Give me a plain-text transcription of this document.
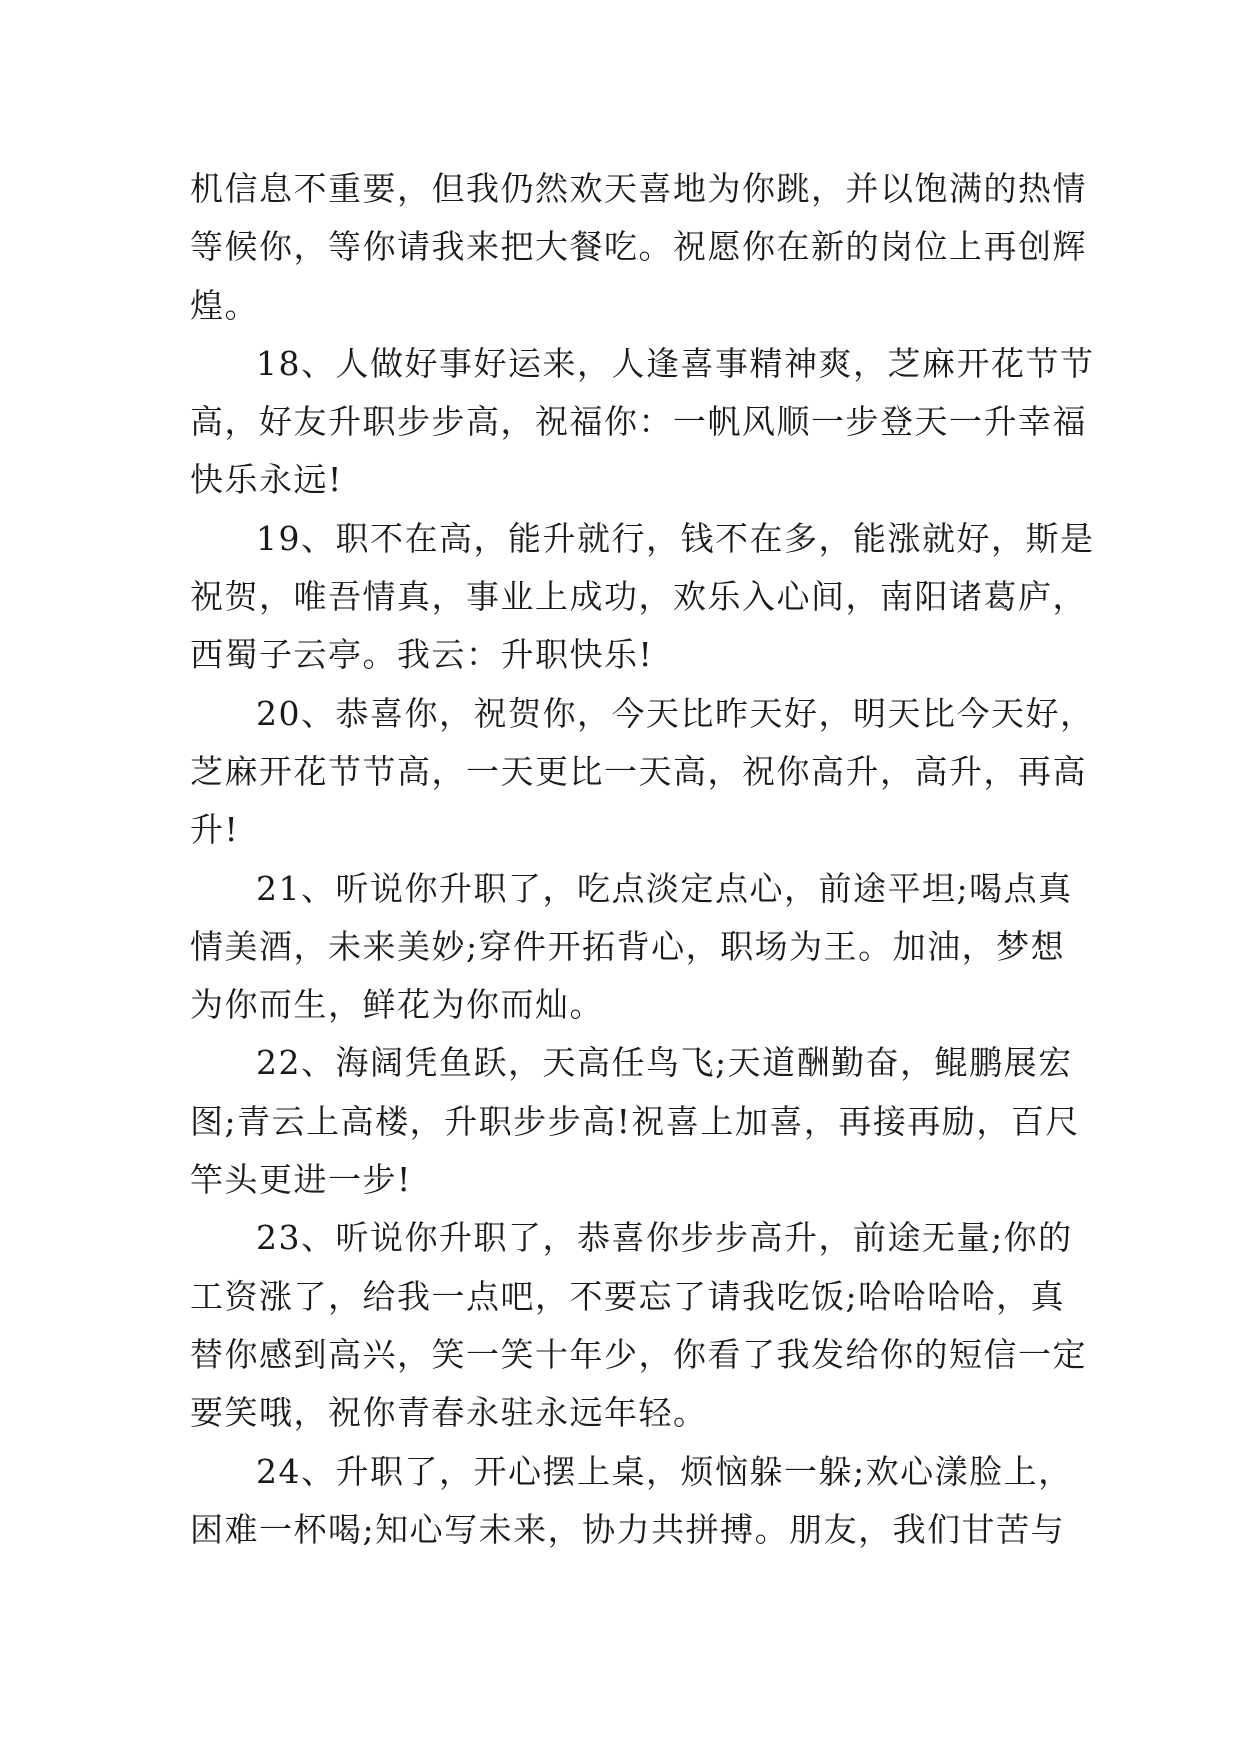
机信息不重要，但我仍然欢天喜地为你跳，并以饱满的热情
等候你，等你请我来把大餐吃。祝愿你在新的岗位上再创辉
煌。
18、人做好事好运来，人逢喜事精神爽，芝麻开花节节
高，好友升职步步高，祝福你：一帆风顺一步登天一升幸福
快乐永远!
19、职不在高，能升就行，钱不在多，能涨就好，斯是
祝贺，唯吾情真，事业上成功，欢乐入心间，南阳诸葛庐，
西蜀子云亭。我云：升职快乐!
20、恭喜你，祝贺你，今天比昨天好，明天比今天好，
芝麻开花节节高，一天更比一天高，祝你高升，高升，再高
升!
21、听说你升职了，吃点淡定点心，前途平坦;喝点真
情美酒，未来美妙;穿件开拓背心，职场为王。加油，梦想
为你而生，鲜花为你而灿。
22、海阔凭鱼跃，天高任鸟飞;天道酬勤奋，鲲鹏展宏
图;青云上高楼，升职步步高!祝喜上加喜，再接再励，百尺
竿头更进一步!
23、听说你升职了，恭喜你步步高升，前途无量;你的
工资涨了，给我一点吧，不要忘了请我吃饭;哈哈哈哈，真
替你感到高兴，笑一笑十年少，你看了我发给你的短信一定
要笑哦，祝你青春永驻永远年轻。
24、升职了，开心摆上桌，烦恼躲一躲;欢心漾脸上，
困难一杯喝;知心写未来，协力共拼搏。朋友，我们甘苦与
